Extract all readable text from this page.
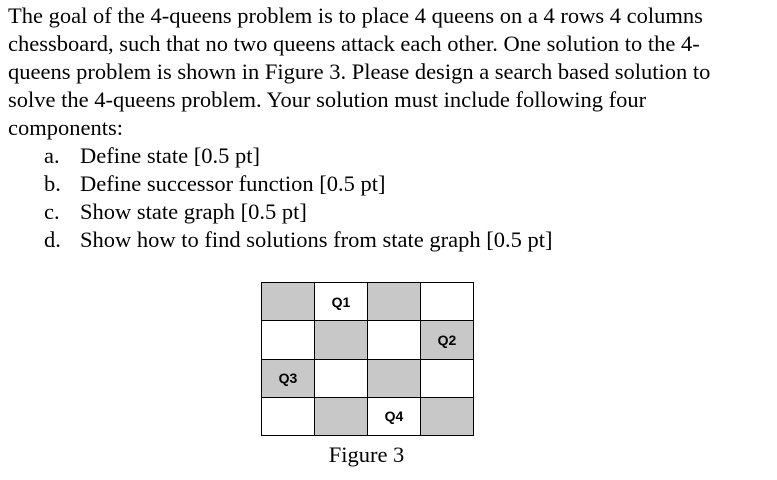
The goal of the 4-queens problem is to place 4 queens on a 4 rows 4 columns
chessboard, such that no two queens attack each other. One solution to the 4-
queens problem is shown in Figure 3. Please design a search based solution to
solve the 4-queens problem. Your solution must include following four
components:
a. Define state [0.5 pt]
b. Define successor function [0.5 pt]
c. Show state graph [0.5 pt]
d. Show how to find solutions from state graph [0.5 pt]
	Q1		
			Q2
Q3			
		Q4	
Figure 3
